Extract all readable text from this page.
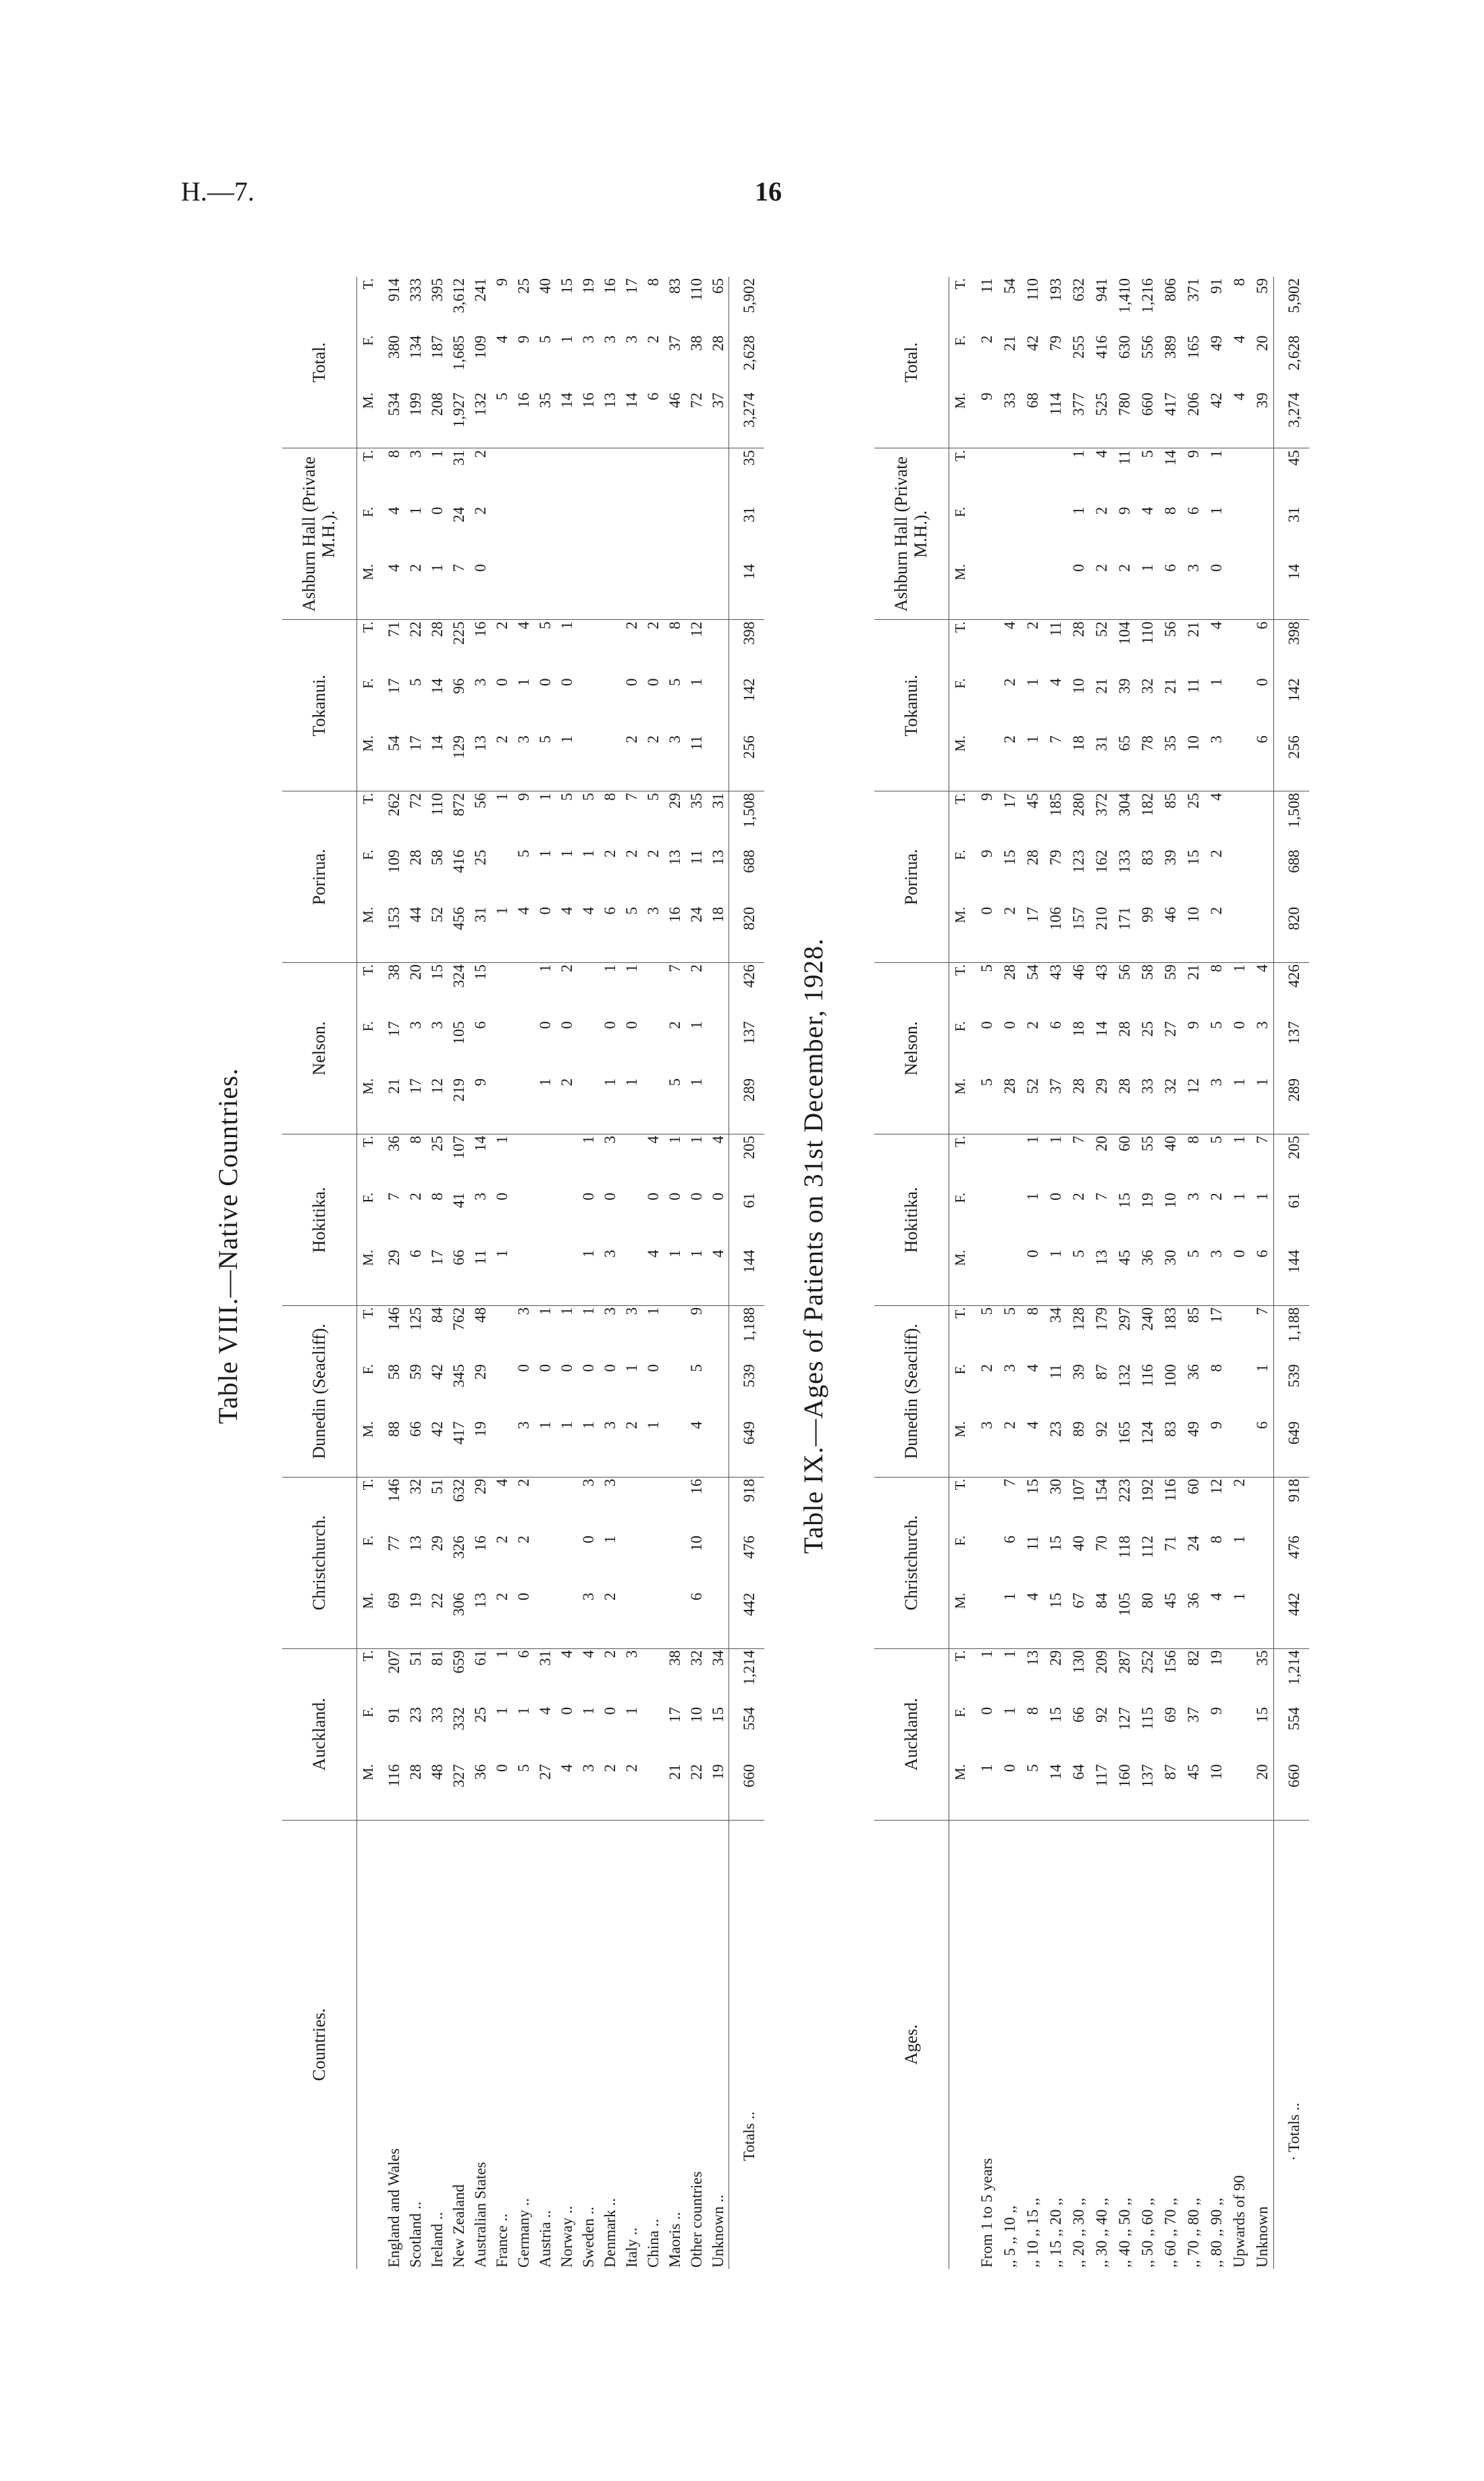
H.—7.	16
Table VIII.—Native Countries.
Countries.		Auckland.			Christchurch.			Dunedin (Seacliff).			Hokitika.			Nelson.			Porirua.			Tokanui.			Ashburn Hall (Private M.H.).			Total.		
		M.	F.	T.	M.	F.	T.	M.	F.	T.	M.	F.	T.	M.	F.	T.	M.	F.	T.	M.	F.	T.	M.	F.	T.	M.	F.	T.
England and Wales		116	91	207	69	77	146	88	58	146	29	7	36	21	17	38	153	109	262	54	17	71	4	4	8	534	380	914
Scotland ..		28	23	51	19	13	32	66	59	125	6	2	8	17	3	20	44	28	72	17	5	22	2	1	3	199	134	333
Ireland ..		48	33	81	22	29	51	42	42	84	17	8	25	12	3	15	52	58	110	14	14	28	1	0	1	208	187	395
New Zealand		327	332	659	306	326	632	417	345	762	66	41	107	219	105	324	456	416	872	129	96	225	7	24	31	1,927	1,685	3,612
Australian States		36	25	61	13	16	29	19	29	48	11	3	14	9	6	15	31	25	56	13	3	16	0	2	2	132	109	241
France ..		0	1	1	2	2	4				1	0	1				1		1	2	0	2				5	4	9
Germany ..		5	1	6	0	2	2	3	0	3							4	5	9	3	1	4				16	9	25
Austria ..		27	4	31				1	0	1				1	0	1	0	1	1	5	0	5				35	5	40
Norway ..		4	0	4				1	0	1				2	0	2	4	1	5	1	0	1				14	1	15
Sweden ..		3	1	4	3	0	3	1	0	1	1	0	1				4	1	5							16	3	19
Denmark ..		2	0	2	2	1	3	3	0	3	3	0	3	1	0	1	6	2	8							13	3	16
Italy ..		2	1	3				2	1	3				1	0	1	5	2	7	2	0	2				14	3	17
China ..								1	0	1	4	0	4				3	2	5	2	0	2				6	2	8
Maoris ..		21	17	38							1	0	1	5	2	7	16	13	29	3	5	8				46	37	83
Other countries		22	10	32	6	10	16	4	5	9	1	0	1	1	1	2	24	11	35	11	1	12				72	38	110
Unknown ..		19	15	34							4	0	4				18	13	31							37	28	65
Totals ..		660	554	1,214	442	476	918	649	539	1,188	144	61	205	289	137	426	820	688	1,508	256	142	398	14	31	35	3,274	2,628	5,902
Table IX.—Ages of Patients on 31st December, 1928.
Ages.		Auckland.			Christchurch.			Dunedin (Seacliff).			Hokitika.			Nelson.			Porirua.			Tokanui.			Ashburn Hall (Private M.H.).			Total.		
		M.	F.	T.	M.	F.	T.	M.	F.	T.	M.	F.	T.	M.	F.	T.	M.	F.	T.	M.	F.	T.	M.	F.	T.	M.	F.	T.
From 1 to 5 years		1	0	1				3	2	5				5	0	5	0	9	9							9	2	11
,, 5 ,, 10 ,,		0	1	1	1	6	7	2	3	5				28	0	28	2	15	17	2	2	4				33	21	54
,, 10 ,, 15 ,,		5	8	13	4	11	15	4	4	8	0	1	1	52	2	54	17	28	45	1	1	2				68	42	110
,, 15 ,, 20 ,,		14	15	29	15	15	30	23	11	34	1	0	1	37	6	43	106	79	185	7	4	11				114	79	193
,, 20 ,, 30 ,,		64	66	130	67	40	107	89	39	128	5	2	7	28	18	46	157	123	280	18	10	28	0	1	1	377	255	632
,, 30 ,, 40 ,,		117	92	209	84	70	154	92	87	179	13	7	20	29	14	43	210	162	372	31	21	52	2	2	4	525	416	941
,, 40 ,, 50 ,,		160	127	287	105	118	223	165	132	297	45	15	60	28	28	56	171	133	304	65	39	104	2	9	11	780	630	1,410
,, 50 ,, 60 ,,		137	115	252	80	112	192	124	116	240	36	19	55	33	25	58	99	83	182	78	32	110	1	4	5	660	556	1,216
,, 60 ,, 70 ,,		87	69	156	45	71	116	83	100	183	30	10	40	32	27	59	46	39	85	35	21	56	6	8	14	417	389	806
,, 70 ,, 80 ,,		45	37	82	36	24	60	49	36	85	5	3	8	12	9	21	10	15	25	10	11	21	3	6	9	206	165	371
,, 80 ,, 90 ,,		10	9	19	4	8	12	9	8	17	3	2	5	3	5	8	2	2	4	3	1	4	0	1	1	42	49	91
Upwards of 90					1	1	2				0	1	1	1	0	1										4	4	8
Unknown		20	15	35				6	1	7	6	1	7	1	3	4				6	0	6				39	20	59
· Totals ..		660	554	1,214	442	476	918	649	539	1,188	144	61	205	289	137	426	820	688	1,508	256	142	398	14	31	45	3,274	2,628	5,902
